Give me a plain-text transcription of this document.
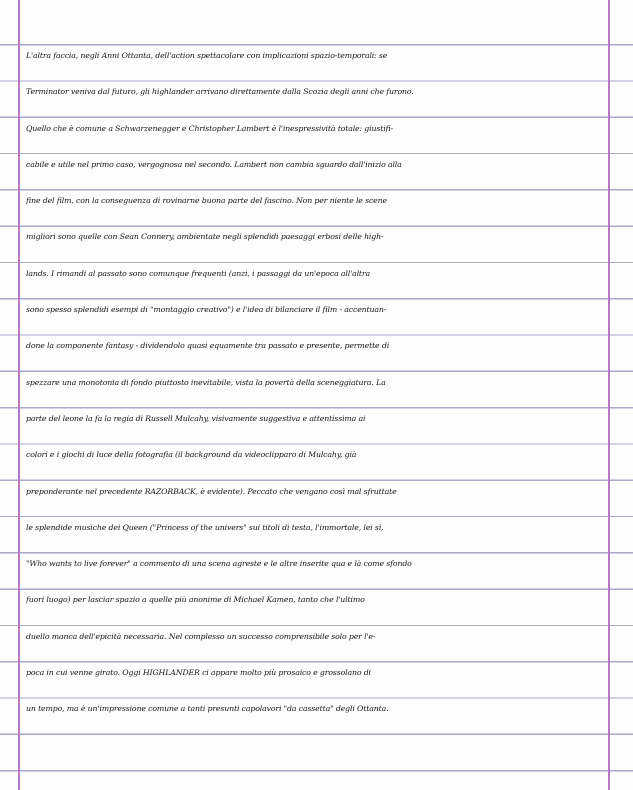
L'altra faccia, negli Anni Ottanta, dell'action spettacolare con implicazioni spazio-temporali: se
Terminator veniva dal futuro, gli highlander arrivano direttamente dalla Scozia degli anni che furono.
Quello che è comune a Schwarzenegger e Christopher Lambert è l'inespressività totale: giustifi-
cabile e utile nel primo caso, vergognosa nel secondo. Lambert non cambia sguardo dall'inizio alla
fine del film, con la conseguenza di rovinarne buona parte del fascino. Non per niente le scene
migliori sono quelle con Sean Connery, ambientate negli splendidi paesaggi erbosi delle high-
lands. I rimandi al passato sono comunque frequenti (anzi, i passaggi da un'epoca all'altra
sono spesso splendidi esempi di "montaggio creativo") e l'idea di bilanciare il film - accentuan-
done la componente fantasy - dividendolo quasi equamente tra passato e presente, permette di
spezzare una monotonia di fondo piuttosto inevitabile, vista la povertà della sceneggiatura. La
parte del leone la fa la regia di Russell Mulcahy, visivamente suggestiva e attentissima ai
colori e i giochi di luce della fotografia (il background da videoclipparo di Mulcahy, già
preponderante nel precedente RAZORBACK, è evidente). Peccato che vengano così mal sfruttate
le splendide musiche dei Queen ("Princess of the univers" sui titoli di testa, l'immortale, lei sì,
"Who wants to live forever" a commento di una scena agreste e le altre inserite qua e là come sfondo
fuori luogo) per lasciar spazio a quelle più anonime di Michael Kamen, tanto che l'ultimo
duello manca dell'epicità necessaria. Nel complesso un successo comprensibile solo per l'e-
poca in cui venne girato. Oggi HIGHLANDER ci appare molto più prosaico e grossolano di
un tempo, ma è un'impressione comune a tanti presunti capolavori "da cassetta" degli Ottanta.
